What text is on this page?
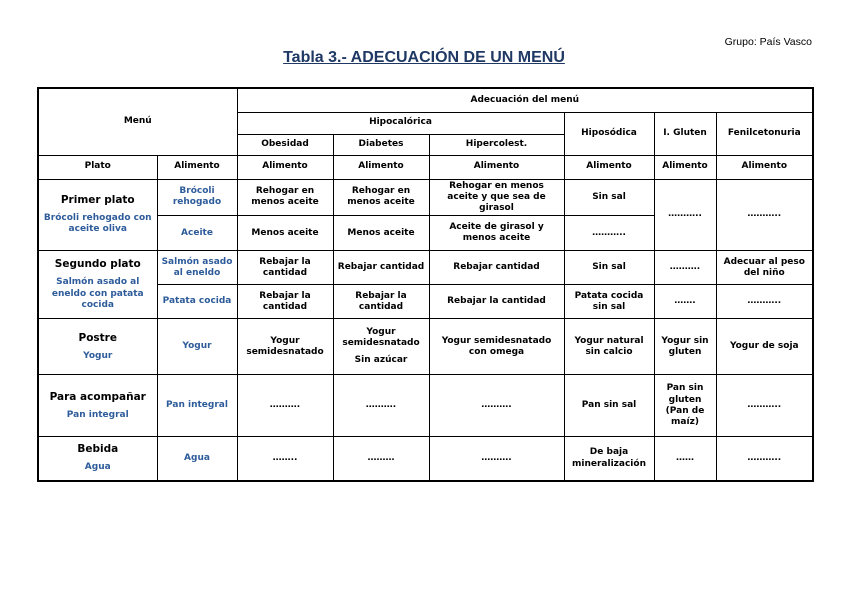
Grupo: País Vasco
Tabla 3.- ADECUACIÓN DE UN MENÚ
Menú		Adecuación del menú					
		Hipocalórica			Hiposódica	I. Gluten	Fenilcetonuria
		Obesidad	Diabetes	Hipercolest.			
Plato	Alimento	Alimento	Alimento	Alimento	Alimento	Alimento	Alimento

Primer plato
Brócoli rehogado con aceite oliva	Brócoli rehogado	Rehogar en menos aceite	Rehogar en menos aceite	Rehogar en menos aceite y que sea de girasol	Sin sal	………..	………..
	Aceite	Menos aceite	Menos aceite	Aceite de girasol y menos aceite	………..		

Segundo plato
Salmón asado al eneldo con patata cocida	Salmón asado al eneldo	Rebajar la cantidad	Rebajar cantidad	Rebajar cantidad	Sin sal	……….	Adecuar al peso del niño
	Patata cocida	Rebajar la cantidad	Rebajar la cantidad	Rebajar la cantidad	Patata cocida sin sal	…….	………..

Postre
Yogur	Yogur	Yogur semidesnatado	Yogur semidesnatado
Sin azúcar	Yogur semidesnatado con omega	Yogur natural sin calcio	Yogur sin gluten	Yogur de soja

Para acompañar
Pan integral	Pan integral	……….	……….	……….	Pan sin sal	Pan sin gluten (Pan de maíz)	………..

Bebida
Agua	Agua	……..	………	……….	De baja mineralización	……	………..
